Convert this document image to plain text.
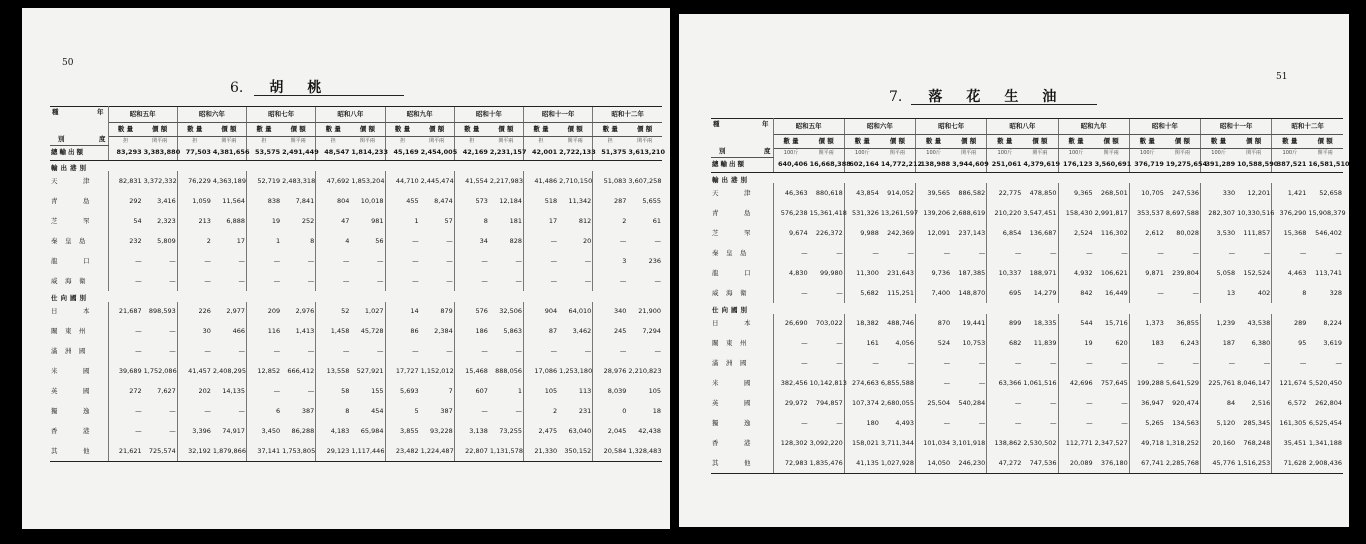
50
6. 胡桃
種 年
度
別	昭和五年		昭和六年		昭和七年		昭和八年		昭和九年		昭和十年		昭和十一年		昭和十二年	
	數 量	價 額	數 量	價 額	數 量	價 額	數 量	價 額	數 量	價 額	數 量	價 額	數 量	價 額	數 量	價 額
	担	関平兩	担	関平兩	担	関平兩	担	関平兩	担	関平兩	担	関平兩	担	関平兩	担	関平兩
總輸出額	83,293	3,383,880	77,503	4,381,656	53,575	2,491,449	48,547	1,814,233	45,169	2,454,005	42,169	2,231,157	42,001	2,722,133	51,375	3,613,210

輸出港別																
天 津	82,831	3,372,332	76,229	4,363,189	52,719	2,483,318	47,692	1,853,204	44,710	2,445,474	41,554	2,217,983	41,486	2,710,150	51,083	3,607,258
青 島	292	3,416	1,059	11,564	838	7,841	804	10,018	455	8,474	573	12,184	518	11,342	287	5,655
芝 罘	54	2,323	213	6,888	19	252	47	981	1	57	8	181	17	812	2	61
秦 皇 島	232	5,809	2	17	1	8	4	56	—	—	34	828	—	20	—	—
龍 口	—	—	—	—	—	—	—	—	—	—	—	—	—	—	3	236
威 海 衛	—	—	—	—	—	—	—	—	—	—	—	—	—	—	—	—

仕向國別																
日 本	21,687	898,593	226	2,977	209	2,976	52	1,027	14	879	576	32,506	904	64,010	340	21,900
關 東 州	—	—	30	466	116	1,413	1,458	45,728	86	2,384	186	5,863	87	3,462	245	7,294
滿 洲 國	—	—	—	—	—	—	—	—	—	—	—	—	—	—	—	—
米 國	39,689	1,752,086	41,457	2,408,295	12,852	666,412	13,558	527,921	17,727	1,152,012	15,468	888,056	17,086	1,253,180	28,976	2,210,823
英 國	272	7,627	202	14,135	—	—	58	155	5,693	7	607	1	105	113	8,039	105
獨 逸	—	—	—	—	6	387	8	454	5	387	—	—	2	231	0	18
香 港	—	—	3,396	74,917	3,450	86,288	4,183	65,984	3,855	93,228	3,138	73,255	2,475	63,040	2,045	42,438
其 他	21,621	725,574	32,192	1,879,866	37,141	1,753,805	29,123	1,117,446	23,482	1,224,487	22,807	1,131,578	21,330	350,152	20,584	1,328,483
51
7. 落花生油
種 年
度
別	昭和五年		昭和六年		昭和七年		昭和八年		昭和九年		昭和十年		昭和十一年		昭和十二年	
	數 量	價 額	數 量	價 額	數 量	價 額	數 量	價 額	數 量	價 額	數 量	價 額	數 量	價 額	數 量	價 額
	100斤	関平兩	100斤	関平兩	100斤	関平兩	100斤	関平兩	100斤	関平兩	100斤	関平兩	100斤	関平兩	100斤	関平兩
總輸出額	640,406	16,668,388	602,164	14,772,212	138,988	3,944,609	251,061	4,379,619	176,123	3,560,691	376,719	19,275,654	391,289	10,588,590	387,521	16,581,510

輸出港別																
天 津	46,363	880,618	43,854	914,052	39,565	886,582	22,775	478,850	9,365	268,501	10,705	247,536	330	12,201	1,421	52,658
青 島	576,238	15,361,418	531,326	13,261,597	139,206	2,688,619	210,220	3,547,451	158,430	2,991,817	353,537	8,697,588	282,307	10,330,516	376,290	15,908,379
芝 罘	9,674	226,372	9,988	242,369	12,091	237,143	6,854	136,687	2,524	116,302	2,612	80,028	3,530	111,857	15,368	546,402
秦 皇 島	—	—	—	—	—	—	—	—	—	—	—	—	—	—	—	—
龍 口	4,830	99,980	11,300	231,643	9,736	187,385	10,337	188,971	4,932	106,621	9,871	239,804	5,058	152,524	4,463	113,741
威 海 衛	—	—	5,682	115,251	7,400	148,870	695	14,279	842	16,449	—	—	13	402	8	328

仕向國別																
日 本	26,690	703,022	18,382	488,746	870	19,441	899	18,335	544	15,716	1,373	36,855	1,239	43,538	289	8,224
關 東 州	—	—	161	4,056	524	10,753	682	11,839	19	620	183	6,243	187	6,380	95	3,619
滿 洲 國	—	—	—	—	—	—	—	—	—	—	—	—	—	—	—	—
米 國	382,456	10,142,813	274,663	6,855,588	—	—	63,366	1,061,516	42,696	757,645	199,288	5,641,529	225,761	8,046,147	121,674	5,520,450
英 國	29,972	794,857	107,374	2,680,055	25,504	540,284	—	—	—	—	36,947	920,474	84	2,516	6,572	262,804
獨 逸	—	—	180	4,493	—	—	—	—	—	—	5,265	134,563	5,120	285,345	161,305	6,525,454
香 港	128,302	3,092,220	158,021	3,711,344	101,034	3,101,918	138,862	2,530,502	112,771	2,347,527	49,718	1,318,252	20,160	768,248	35,451	1,341,188
其 他	72,983	1,835,476	41,135	1,027,928	14,050	246,230	47,272	747,536	20,089	376,180	67,741	2,285,768	45,776	1,516,253	71,628	2,908,436
